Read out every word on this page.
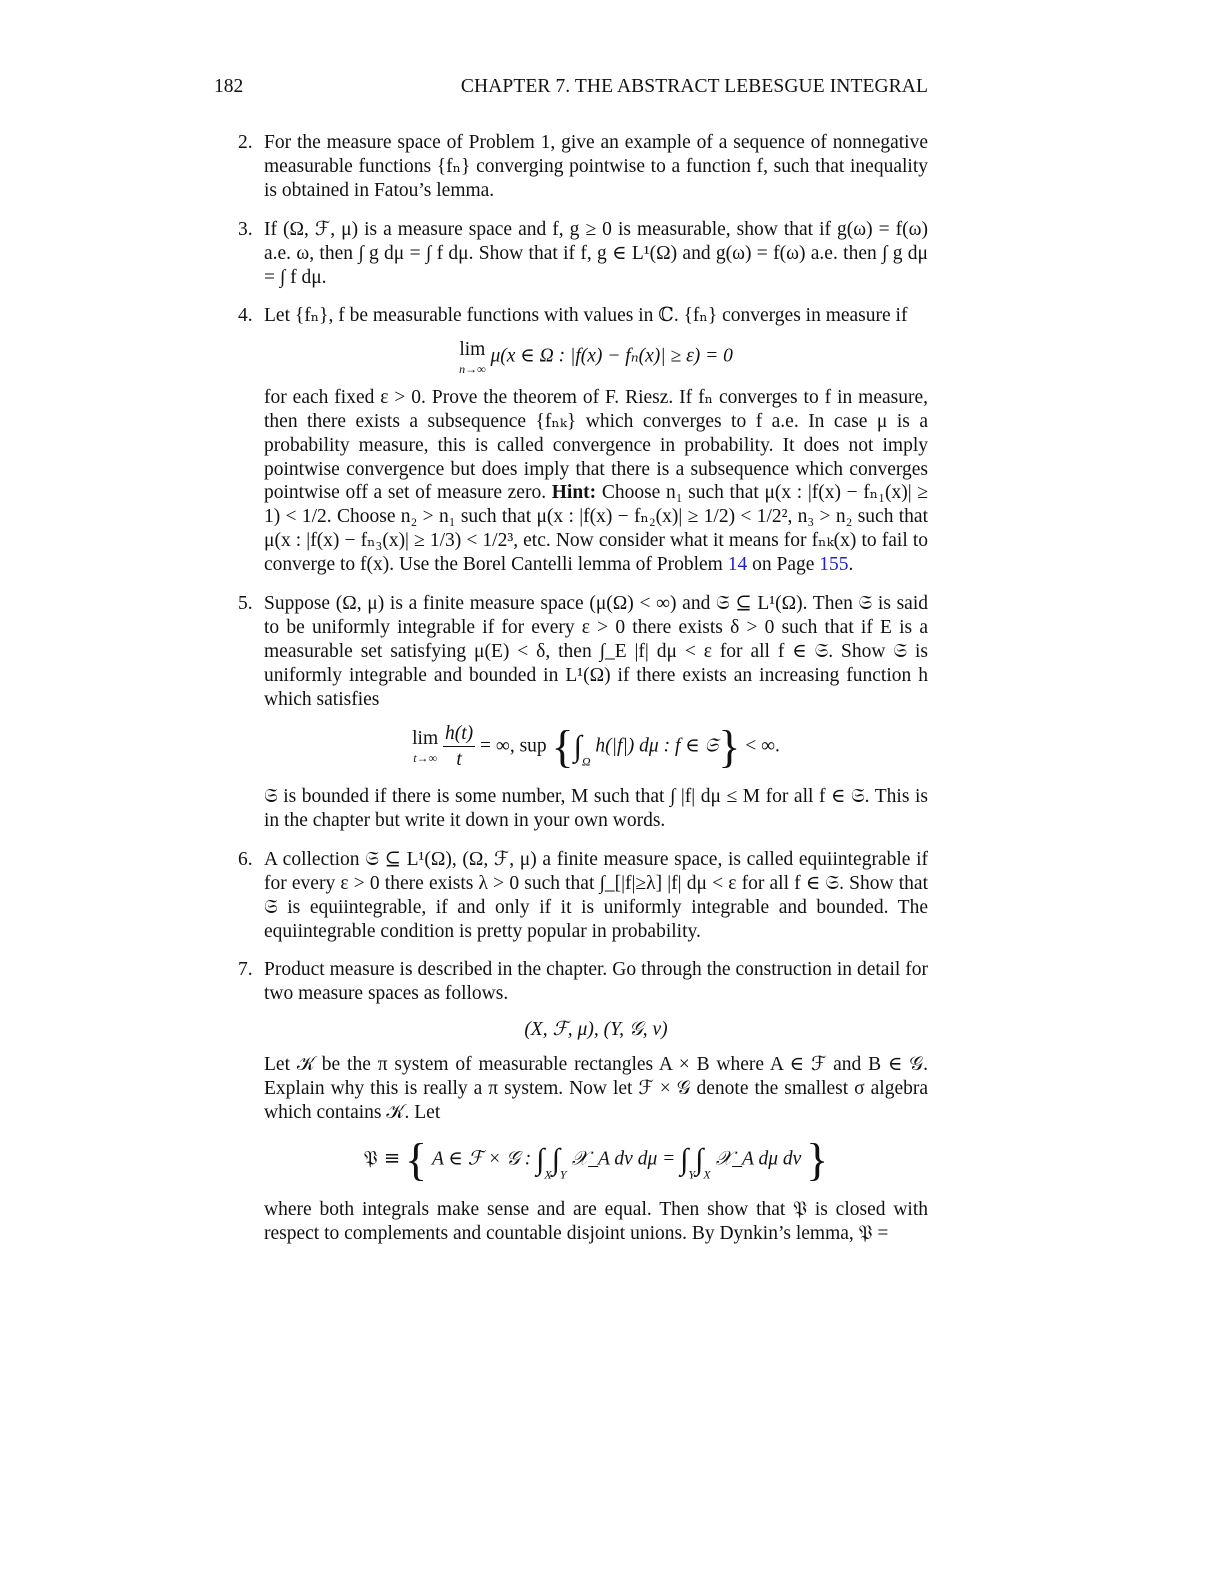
182	CHAPTER 7. THE ABSTRACT LEBESGUE INTEGRAL
2. For the measure space of Problem 1, give an example of a sequence of nonnegative measurable functions {fₙ} converging pointwise to a function f, such that inequality is obtained in Fatou’s lemma.

3. If (Ω, ℱ, μ) is a measure space and f, g ≥ 0 is measurable, show that if g(ω) = f(ω) a.e. ω, then ∫ g dμ = ∫ f dμ. Show that if f, g ∈ L¹(Ω) and g(ω) = f(ω) a.e. then ∫ g dμ = ∫ f dμ.

4. Let {fₙ}, f be measurable functions with values in ℂ. {fₙ} converges in measure if

lim
n→∞
μ(x ∈ Ω : |f(x) − fₙ(x)| ≥ ε) = 0

for each fixed ε > 0. Prove the theorem of F. Riesz. If fₙ converges to f in measure, then there exists a subsequence {fₙₖ} which converges to f a.e. In case μ is a probability measure, this is called convergence in probability. It does not imply pointwise convergence but does imply that there is a subsequence which converges pointwise off a set of measure zero. Hint: Choose n₁ such that μ(x : |f(x) − fₙ₁(x)| ≥ 1) < 1/2. Choose n₂ > n₁ such that μ(x : |f(x) − fₙ₂(x)| ≥ 1/2) < 1/2², n₃ > n₂ such that μ(x : |f(x) − fₙ₃(x)| ≥ 1/3) < 1/2³, etc. Now consider what it means for fₙₖ(x) to fail to converge to f(x). Use the Borel Cantelli lemma of Problem 14 on Page 155.

5. Suppose (Ω, μ) is a finite measure space (μ(Ω) < ∞) and 𝔖 ⊆ L¹(Ω). Then 𝔖 is said to be uniformly integrable if for every ε > 0 there exists δ > 0 such that if E is a measurable set satisfying μ(E) < δ, then ∫_E |f| dμ < ε for all f ∈ 𝔖. Show 𝔖 is uniformly integrable and bounded in L¹(Ω) if there exists an increasing function h which satisfies

lim
t→∞
$\frac{h(t)}{t}$ = ∞, sup {$\int_\Omega$ h(|f|) dμ : f ∈ 𝔖} < ∞.

𝔖 is bounded if there is some number, M such that ∫ |f| dμ ≤ M for all f ∈ 𝔖. This is in the chapter but write it down in your own words.

6. A collection 𝔖 ⊆ L¹(Ω), (Ω, ℱ, μ) a finite measure space, is called equiintegrable if for every ε > 0 there exists λ > 0 such that ∫_[|f|≥λ] |f| dμ < ε for all f ∈ 𝔖. Show that 𝔖 is equiintegrable, if and only if it is uniformly integrable and bounded. The equiintegrable condition is pretty popular in probability.

7. Product measure is described in the chapter. Go through the construction in detail for two measure spaces as follows.

(X, ℱ, μ), (Y, 𝒢, ν)

Let 𝒦 be the π system of measurable rectangles A × B where A ∈ ℱ and B ∈ 𝒢. Explain why this is really a π system. Now let ℱ × 𝒢 denote the smallest σ algebra which contains 𝒦. Let

𝔓 ≡ { A ∈ ℱ × 𝒢 : $\int_X\int_Y$ 𝒳_A dν $d\mu = \int_Y\int_X$ 𝒳_A dμ dν }

where both integrals make sense and are equal. Then show that 𝔓 is closed with respect to complements and countable disjoint unions. By Dynkin’s lemma, 𝔓 =
